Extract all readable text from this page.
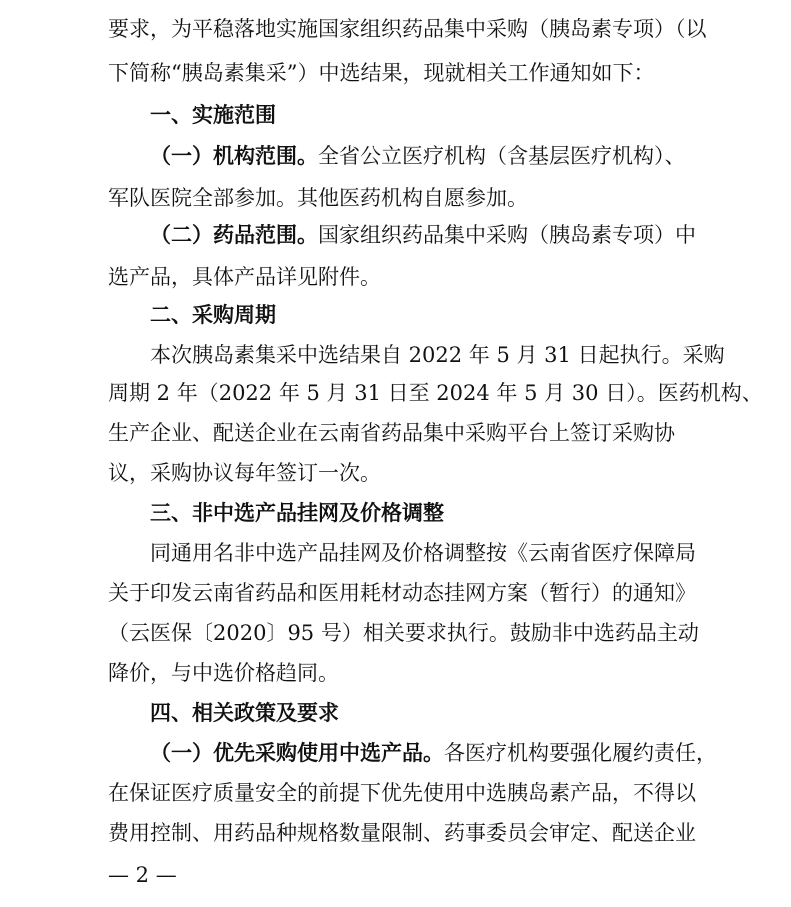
要求，为平稳落地实施国家组织药品集中采购（胰岛素专项）（以
下简称“胰岛素集采”）中选结果，现就相关工作通知如下：
一、实施范围
（一）机构范围。全省公立医疗机构（含基层医疗机构）、
军队医院全部参加。其他医药机构自愿参加。
（二）药品范围。国家组织药品集中采购（胰岛素专项）中
选产品，具体产品详见附件。
二、采购周期
本次胰岛素集采中选结果自 2022 年 5 月 31 日起执行。采购
周期 2 年（2022 年 5 月 31 日至 2024 年 5 月 30 日）。医药机构、
生产企业、配送企业在云南省药品集中采购平台上签订采购协
议，采购协议每年签订一次。
三、非中选产品挂网及价格调整
同通用名非中选产品挂网及价格调整按《云南省医疗保障局
关于印发云南省药品和医用耗材动态挂网方案（暂行）的通知》
（云医保〔2020〕95 号）相关要求执行。鼓励非中选药品主动
降价，与中选价格趋同。
四、相关政策及要求
（一）优先采购使用中选产品。各医疗机构要强化履约责任，
在保证医疗质量安全的前提下优先使用中选胰岛素产品，不得以
费用控制、用药品种规格数量限制、药事委员会审定、配送企业
— 2 —
